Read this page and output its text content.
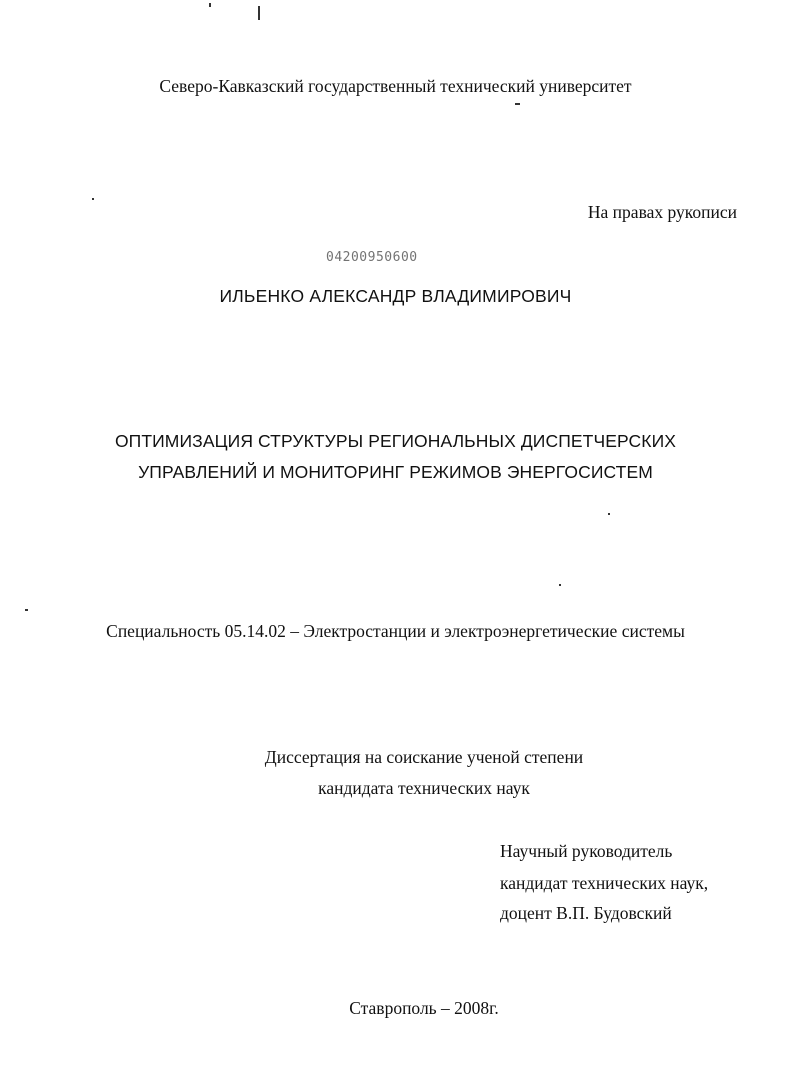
Северо-Кавказский государственный технический университет
На правах рукописи
04200950600
ИЛЬЕНКО АЛЕКСАНДР ВЛАДИМИРОВИЧ
ОПТИМИЗАЦИЯ СТРУКТУРЫ РЕГИОНАЛЬНЫХ ДИСПЕТЧЕРСКИХ
УПРАВЛЕНИЙ И МОНИТОРИНГ РЕЖИМОВ ЭНЕРГОСИСТЕМ
Специальность 05.14.02 – Электростанции и электроэнергетические системы
Диссертация на соискание ученой степени
кандидата технических наук
Научный руководитель
кандидат технических наук,
доцент В.П. Будовский
Ставрополь – 2008г.
